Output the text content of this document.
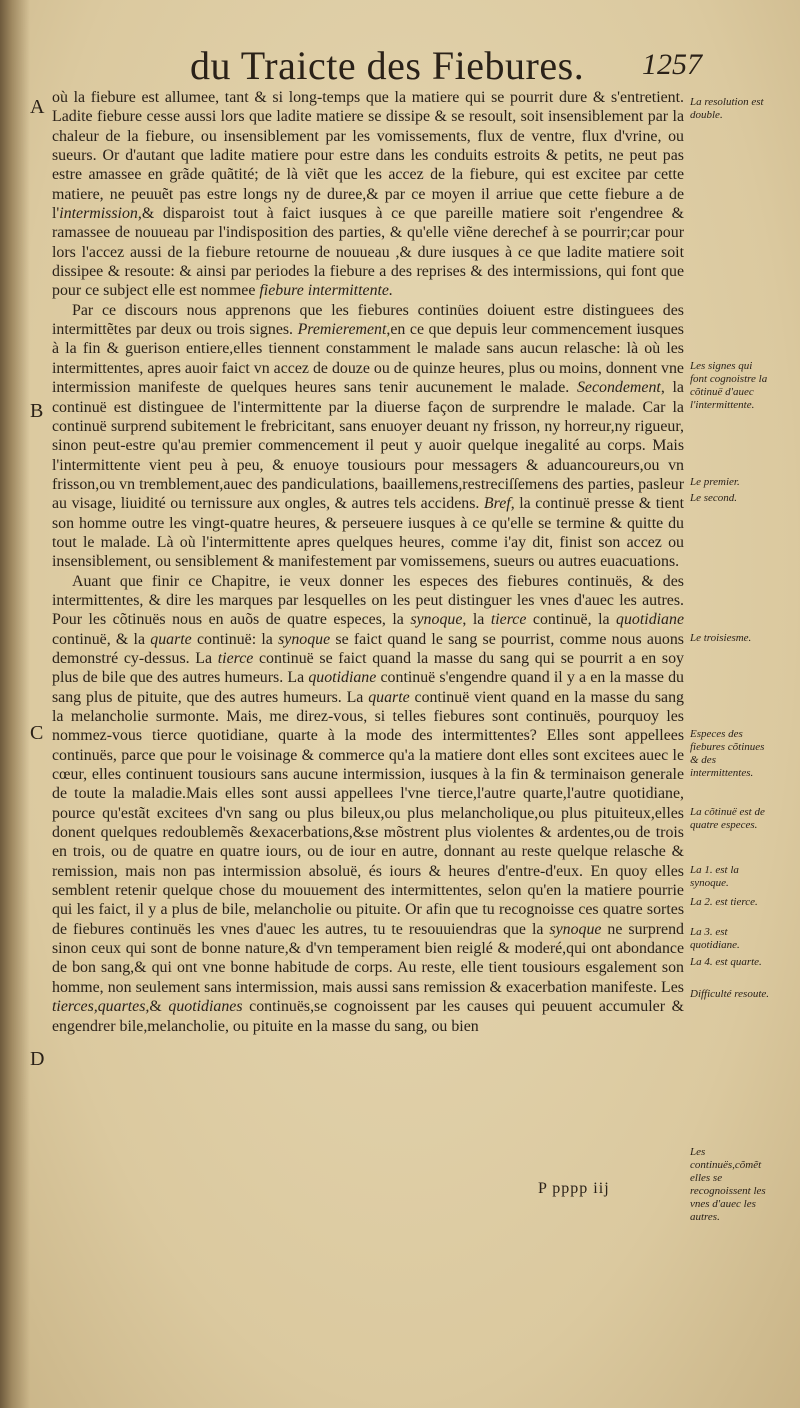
du Traicte des Fiebures. 1257
A
B
C
D

où la fiebure est allumee, tant & si long-temps que la matiere qui se pourrit dure & s'entretient. Ladite fiebure cesse aussi lors que ladite matiere se dissipe & se resoult, soit insensiblement par la chaleur de la fiebure, ou insensiblement par les vomissements, flux de ventre, flux d'vrine, ou sueurs. Or d'autant que ladite matiere pour estre dans les conduits estroits & petits, ne peut pas estre amassee en grãde quãtité; de là viẽt que les accez de la fiebure, qui est excitee par cette matiere, ne peuuẽt pas estre longs ny de duree,& par ce moyen il arriue que cette fiebure a de l'intermission,& disparoist tout à faict iusques à ce que pareille matiere soit r'engendree & ramassee de nouueau par l'indisposition des parties, & qu'elle viẽne derechef à se pourrir;car pour lors l'accez aussi de la fiebure retourne de nouueau ,& dure iusques à ce que ladite matiere soit dissipee & resoute: & ainsi par periodes la fiebure a des reprises & des intermissions, qui font que pour ce subject elle est nommee fiebure intermittente.

Par ce discours nous apprenons que les fiebures continües doiuent estre distinguees des intermittẽtes par deux ou trois signes. Premierement,en ce que depuis leur commencement iusques à la fin & guerison entiere,elles tiennent constamment le malade sans aucun relasche: là où les intermittentes, apres auoir faict vn accez de douze ou de quinze heures, plus ou moins, donnent vne intermission manifeste de quelques heures sans tenir aucunement le malade. Secondement, la continuë est distinguee de l'intermittente par la diuerse façon de surprendre le malade. Car la continuë surprend subitement le frebricitant, sans enuoyer deuant ny frisson, ny horreur,ny rigueur, sinon peut-estre qu'au premier commencement il peut y auoir quelque inegalité au corps. Mais l'intermittente vient peu à peu, & enuoye tousiours pour messagers & aduancoureurs,ou vn frisson,ou vn tremblement,auec des pandiculations, baaillemens,restreciſſemens des parties, pasleur au visage, liuidité ou ternissure aux ongles, & autres tels accidens. Bref, la continuë presse & tient son homme outre les vingt-quatre heures, & perseuere iusques à ce qu'elle se termine & quitte du tout le malade. Là où l'intermittente apres quelques heures, comme i'ay dit, finist son accez ou insensiblement, ou sensiblement & manifestement par vomissemens, sueurs ou autres euacuations.

Auant que finir ce Chapitre, ie veux donner les especes des fiebures continuës, & des intermittentes, & dire les marques par lesquelles on les peut distinguer les vnes d'auec les autres. Pour les cõtinuës nous en auõs de quatre especes, la synoque, la tierce continuë, la quotidiane continuë, & la quarte continuë: la synoque se faict quand le sang se pourrist, comme nous auons demonstré cy-dessus. La tierce continuë se faict quand la masse du sang qui se pourrit a en soy plus de bile que des autres humeurs. La quotidiane continuë s'engendre quand il y a en la masse du sang plus de pituite, que des autres humeurs. La quarte continuë vient quand en la masse du sang la melancholie surmonte. Mais, me direz-vous, si telles fiebures sont continuës, pourquoy les nommez-vous tierce quotidiane, quarte à la mode des intermittentes? Elles sont appellees continuës, parce que pour le voisinage & commerce qu'a la matiere dont elles sont excitees auec le cœur, elles continuent tousiours sans aucune intermission, iusques à la fin & terminaison generale de toute la maladie.Mais elles sont aussi appellees l'vne tierce,l'autre quarte,l'autre quotidiane, pource qu'estãt excitees d'vn sang ou plus bileux,ou plus melancholique,ou plus pituiteux,elles donent quelques redoublemẽs &exacerbations,&se mõstrent plus violentes & ardentes,ou de trois en trois, ou de quatre en quatre iours, ou de iour en autre, donnant au reste quelque relasche & remission, mais non pas intermission absoluë, és iours & heures d'entre-d'eux. En quoy elles semblent retenir quelque chose du mouuement des intermittentes, selon qu'en la matiere pourrie qui les faict, il y a plus de bile, melancholie ou pituite. Or afin que tu recognoisse ces quatre sortes de fiebures continuës les vnes d'auec les autres, tu te resouuiendras que la synoque ne surprend sinon ceux qui sont de bonne nature,& d'vn temperament bien reiglé & moderé,qui ont abondance de bon sang,& qui ont vne bonne habitude de corps. Au reste, elle tient tousiours esgalement son homme, non seulement sans intermission, mais aussi sans remission & exacerbation manifeste. Les tierces,quartes,& quotidianes continuës,se cognoissent par les causes qui peuuent accumuler & engendrer bile,melancholie, ou pituite en la masse du sang, ou bien

La resolution est double.
Les signes qui font cognoistre la cõtinuë d'auec l'intermittente.
Le premier.
Le second.
Le troisiesme.
Especes des fiebures cõtinues & des intermittentes.
La cõtinuë est de quatre especes.
La 1. est la synoque.
La 2. est tierce.
La 3. est quotidiane.
La 4. est quarte.
Difficulté resoute.
Les continuës,cõmẽt elles se recognoissent les vnes d'auec les autres.
P pppp iij
